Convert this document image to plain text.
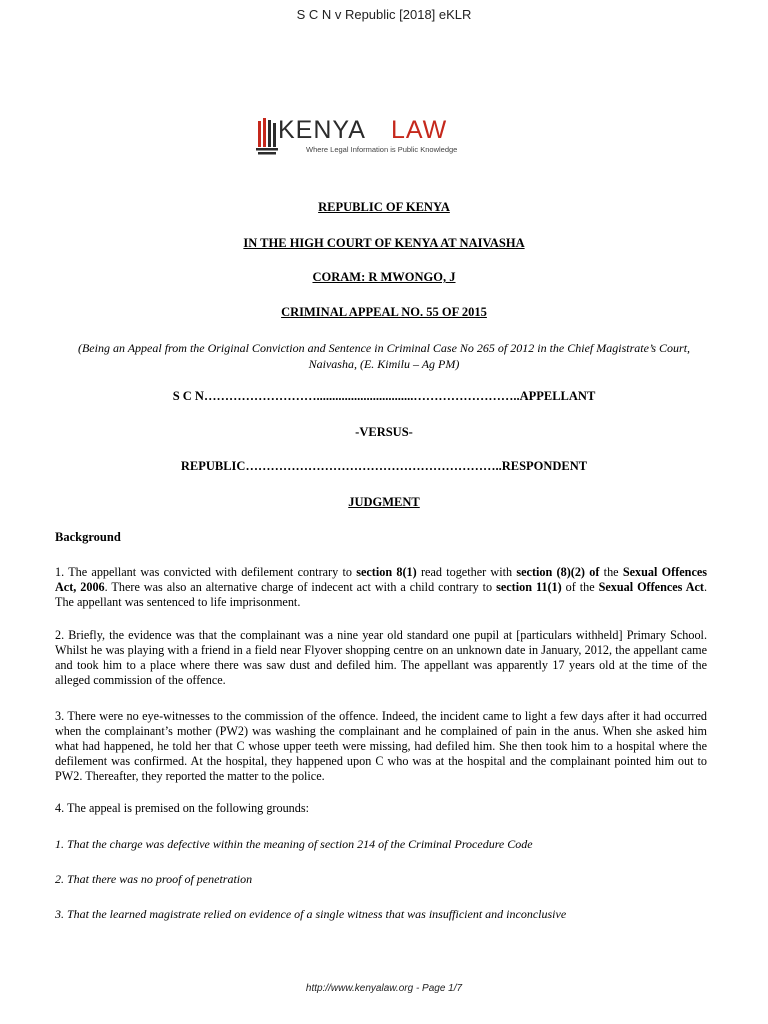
S C N v Republic [2018] eKLR
KENYA LAW
Where Legal Information is Public Knowledge
REPUBLIC OF KENYA
IN THE HIGH COURT OF KENYA AT NAIVASHA
CORAM: R MWONGO, J
CRIMINAL APPEAL NO. 55 OF 2015
(Being an Appeal from the Original Conviction and Sentence in Criminal Case No 265 of 2012 in the Chief Magistrate’s Court, Naivasha, (E. Kimilu – Ag PM)
S C N………………………...............................……………………..APPELLANT
-VERSUS-
REPUBLIC……………………………………………………..RESPONDENT
JUDGMENT
Background
1. The appellant was convicted with defilement contrary to section 8(1) read together with section (8)(2) of the Sexual Offences Act, 2006. There was also an alternative charge of indecent act with a child contrary to section 11(1) of the Sexual Offences Act. The appellant was sentenced to life imprisonment.
2. Briefly, the evidence was that the complainant was a nine year old standard one pupil at [particulars withheld] Primary School. Whilst he was playing with a friend in a field near Flyover shopping centre on an unknown date in January, 2012, the appellant came and took him to a place where there was saw dust and defiled him. The appellant was apparently 17 years old at the time of the alleged commission of the offence.
3. There were no eye-witnesses to the commission of the offence. Indeed, the incident came to light a few days after it had occurred when the complainant’s mother (PW2) was washing the complainant and he complained of pain in the anus. When she asked him what had happened, he told her that C whose upper teeth were missing, had defiled him. She then took him to a hospital where the defilement was confirmed. At the hospital, they happened upon C who was at the hospital and the complainant pointed him out to PW2. Thereafter, they reported the matter to the police.
4. The appeal is premised on the following grounds:
1. That the charge was defective within the meaning of section 214 of the Criminal Procedure Code
2. That there was no proof of penetration
3. That the learned magistrate relied on evidence of a single witness that was insufficient and inconclusive
http://www.kenyalaw.org - Page 1/7
